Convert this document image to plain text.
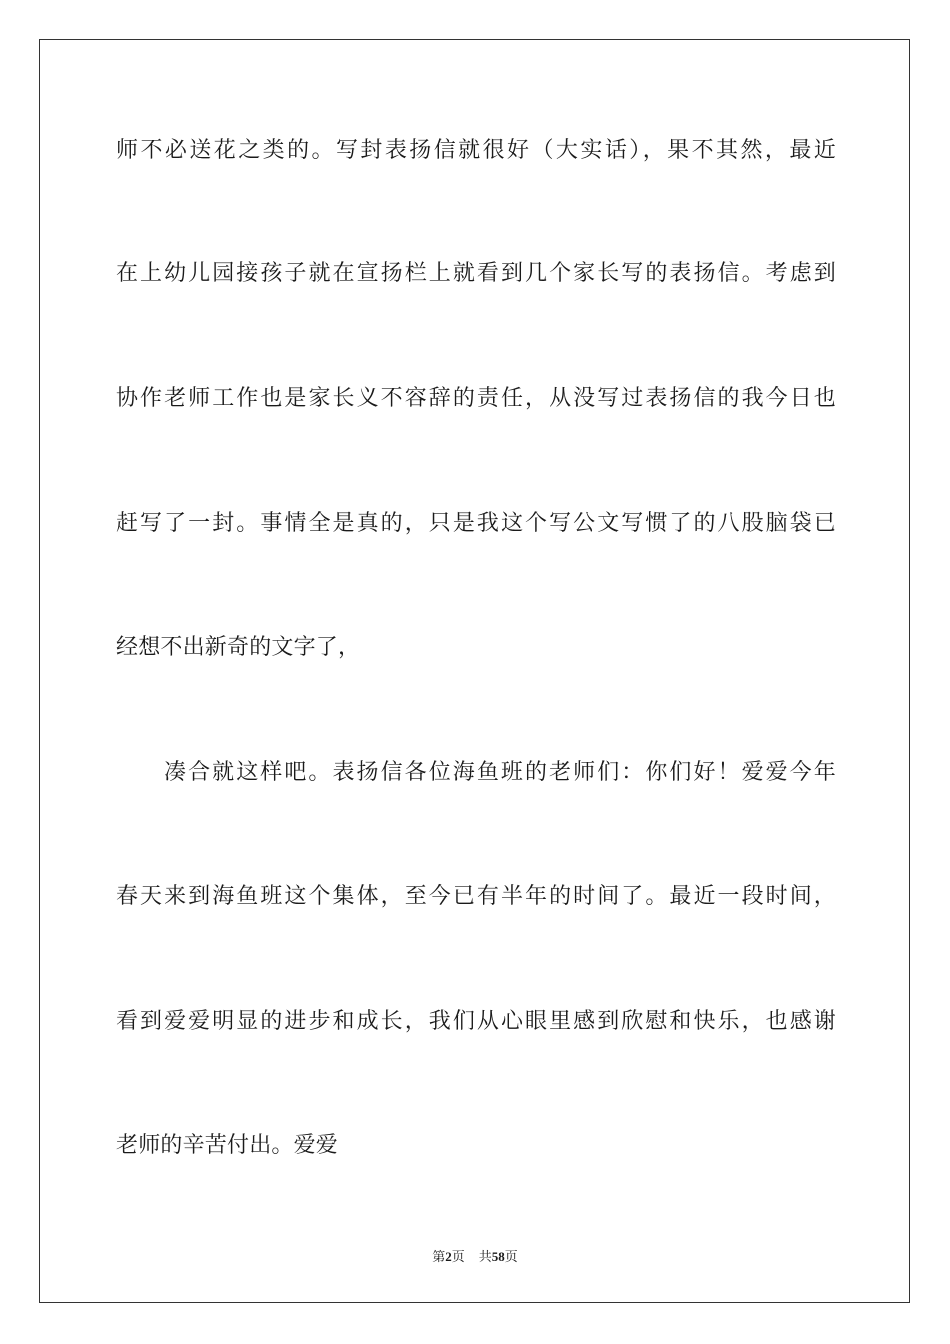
师不必送花之类的。写封表扬信就很好（大实话），果不其然，最近
在上幼儿园接孩子就在宣扬栏上就看到几个家长写的表扬信。考虑到
协作老师工作也是家长义不容辞的责任，从没写过表扬信的我今日也
赶写了一封。事情全是真的，只是我这个写公文写惯了的八股脑袋已
经想不出新奇的文字了，
凑合就这样吧。表扬信各位海鱼班的老师们：你们好！爱爱今年
春天来到海鱼班这个集体，至今已有半年的时间了。最近一段时间，
看到爱爱明显的进步和成长，我们从心眼里感到欣慰和快乐，也感谢
老师的辛苦付出。爱爱
第2页 共58页
